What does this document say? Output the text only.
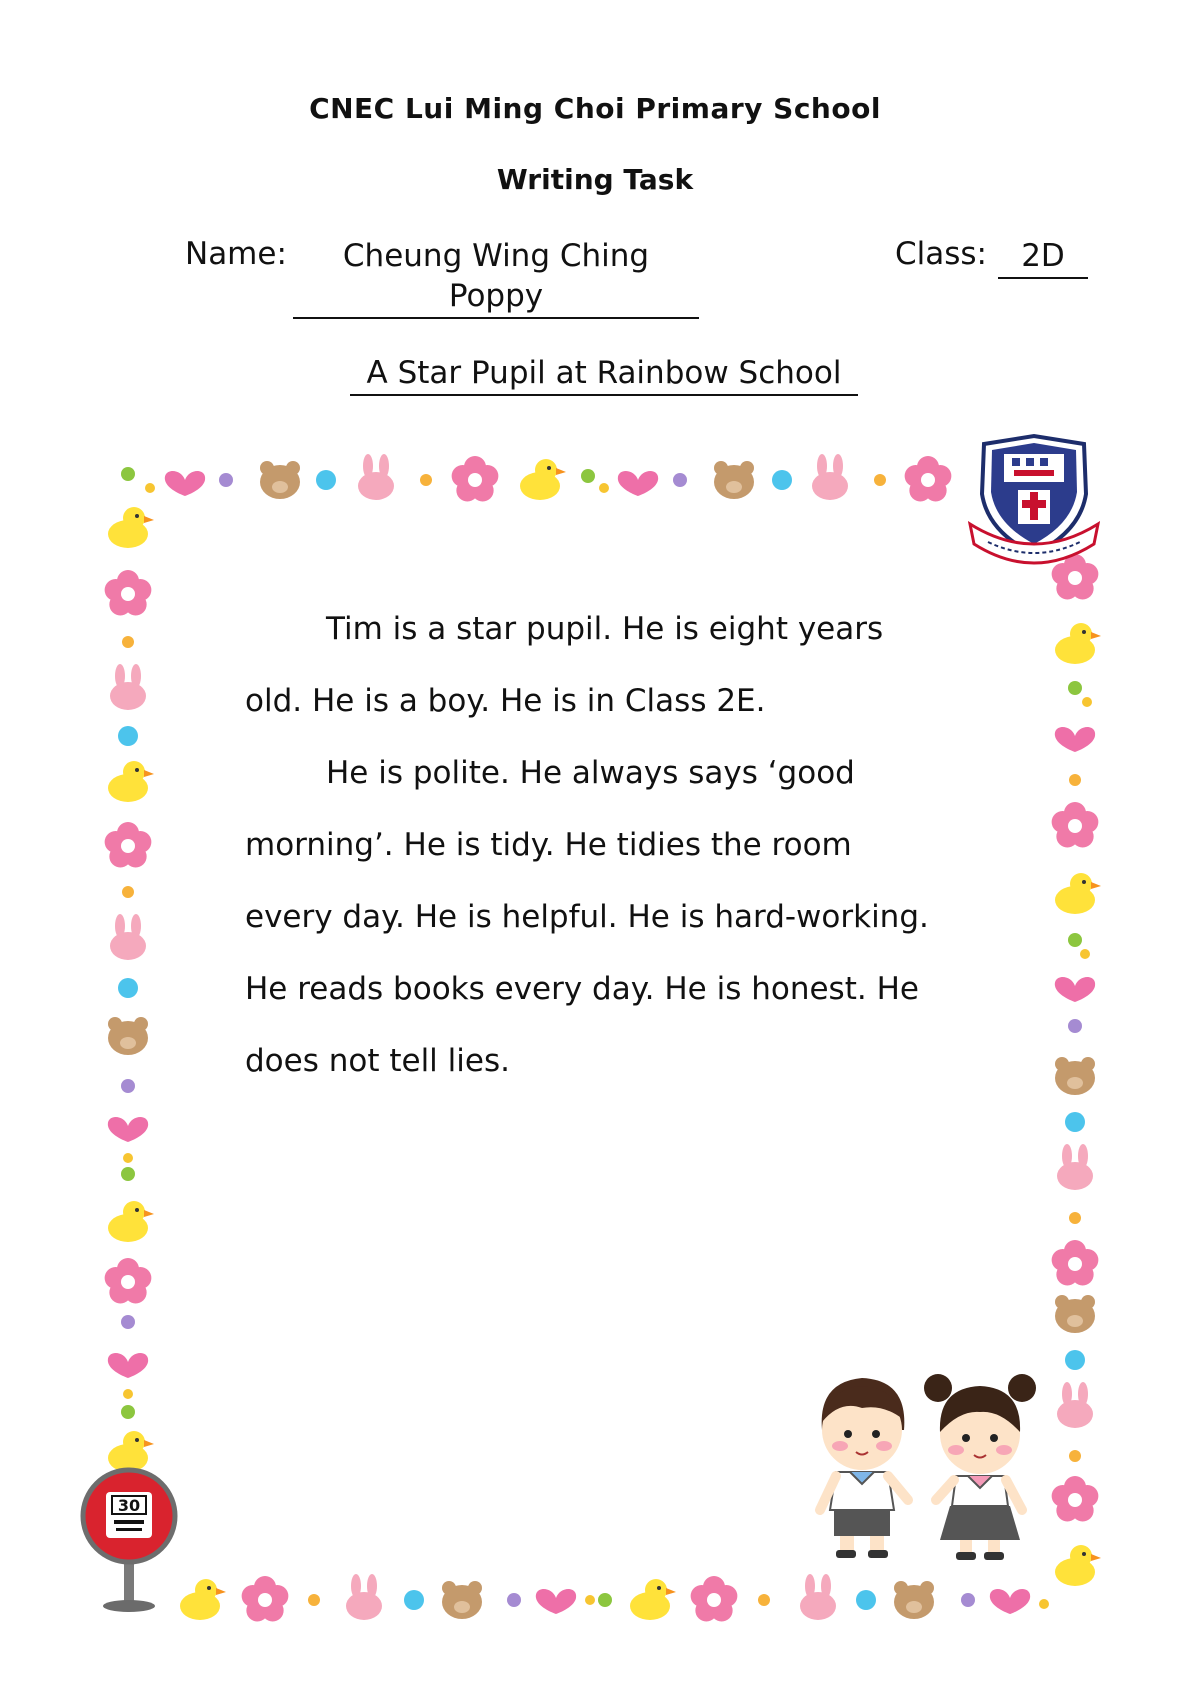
CNEC Lui Ming Choi Primary School
Writing Task
Name:	Cheung Wing Ching Poppy
Class:	2D
A Star Pupil at Rainbow School

Tim is a star pupil. He is eight years old. He is a boy. He is in Class 2E.

He is polite. He always says ‘good morning’. He is tidy. He tidies the room every day. He is helpful. He is hard-working. He reads books every day. He is honest. He does not tell lies.

30
